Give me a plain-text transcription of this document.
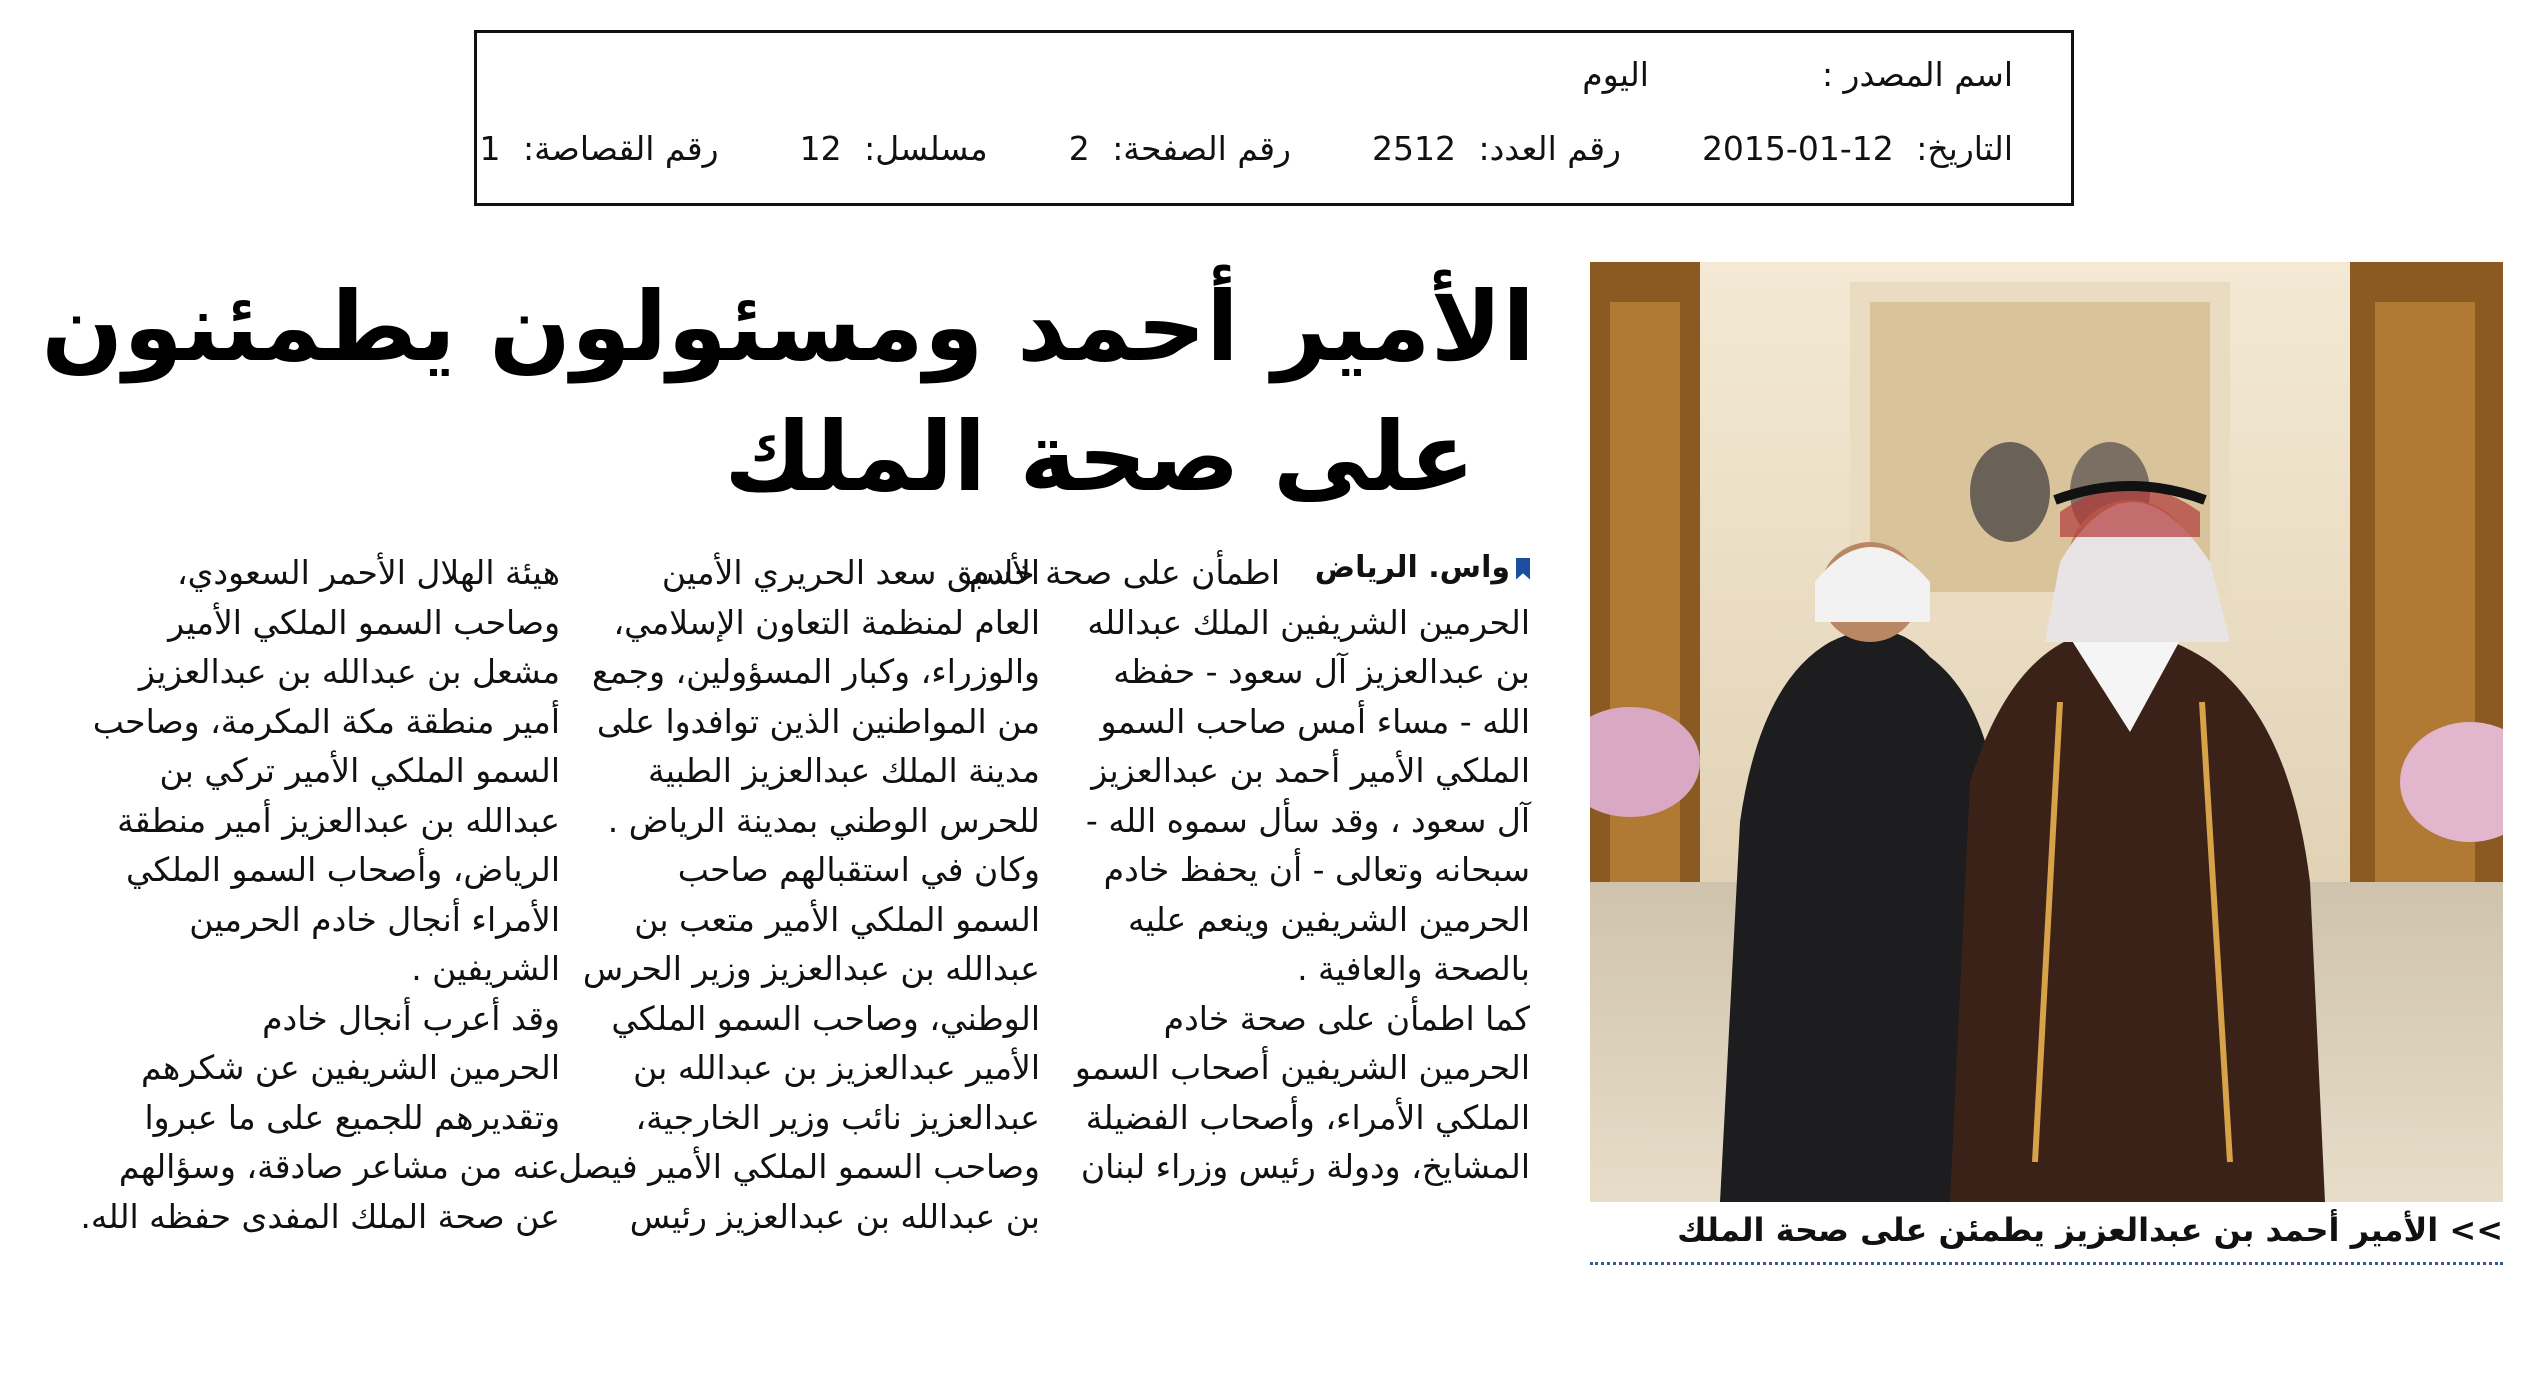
اسم المصدر :  اليوم
التاريخ: 2015-01-12  رقم العدد: 2512  رقم الصفحة: 2  مسلسل: 12  رقم القصاصة: 1
الأمير أحمد ومسئولون يطمئنون
على صحة الملك
>> الأمير أحمد بن عبدالعزيز يطمئن على صحة الملك
واس. الرياض

اطمأن على صحة خادم

الحرمين الشريفين الملك عبدالله

بن عبدالعزيز آل سعود - حفظه

الله - مساء أمس صاحب السمو

الملكي الأمير أحمد بن عبدالعزيز

آل سعود ، وقد سأل سموه الله -

سبحانه وتعالى - أن يحفظ خادم

الحرمين الشريفين وينعم عليه

بالصحة والعافية .

كما اطمأن على صحة خادم

الحرمين الشريفين أصحاب السمو

الملكي الأمراء، وأصحاب الفضيلة

المشايخ، ودولة رئيس وزراء لبنان

الأسبق سعد الحريري الأمين

العام لمنظمة التعاون الإسلامي،

والوزراء، وكبار المسؤولين، وجمع

من المواطنين الذين توافدوا على

مدينة الملك عبدالعزيز الطبية

للحرس الوطني بمدينة الرياض .

وكان في استقبالهم صاحب

السمو الملكي الأمير متعب بن

عبدالله بن عبدالعزيز وزير الحرس

الوطني، وصاحب السمو الملكي

الأمير عبدالعزيز بن عبدالله بن

عبدالعزيز نائب وزير الخارجية،

وصاحب السمو الملكي الأمير فيصل

بن عبدالله بن عبدالعزيز رئيس

هيئة الهلال الأحمر السعودي،

وصاحب السمو الملكي الأمير

مشعل بن عبدالله بن عبدالعزيز

أمير منطقة مكة المكرمة، وصاحب

السمو الملكي الأمير تركي بن

عبدالله بن عبدالعزيز أمير منطقة

الرياض، وأصحاب السمو الملكي

الأمراء أنجال خادم الحرمين

الشريفين .

وقد أعرب أنجال خادم

الحرمين الشريفين عن شكرهم

وتقديرهم للجميع على ما عبروا

عنه من مشاعر صادقة، وسؤالهم

عن صحة الملك المفدى حفظه الله.
